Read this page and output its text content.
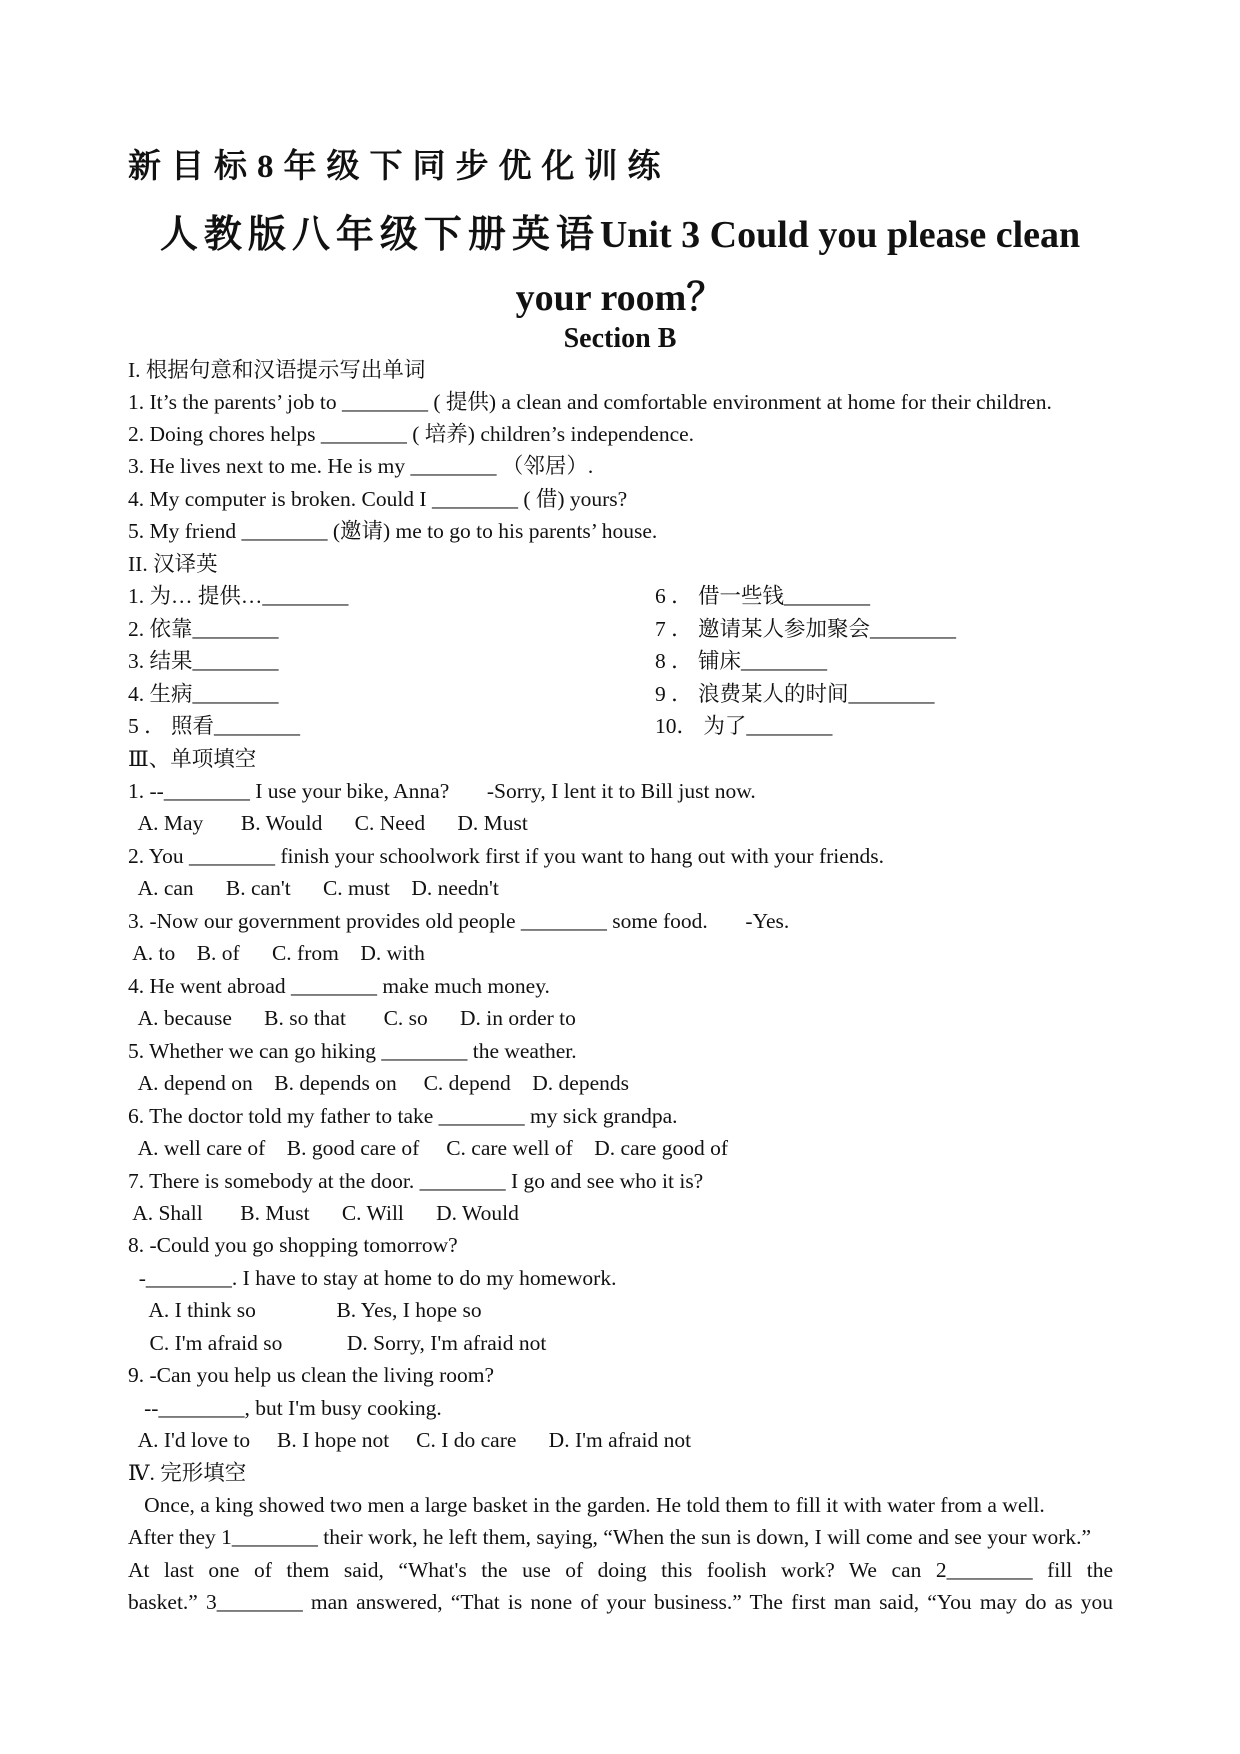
新目标8年级下同步优化训练
人教版八年级下册英语Unit 3 Could you please clean
your room？
Section B
I. 根据句意和汉语提示写出单词
1. It’s the parents’ job to ________ ( 提供) a clean and comfortable environment at home for their children.
2. Doing chores helps ________ ( 培养) children’s independence.
3. He lives next to me. He is my ________ （邻居）.
4. My computer is broken. Could I ________ ( 借) yours?
5. My friend ________ (邀请) me to go to his parents’ house.
II. 汉译英
1. 为… 提供…________
2. 依靠________
3. 结果________
4. 生病________
5 ． 照看________
6 ． 借一些钱________
7 ． 邀请某人参加聚会________
8 ． 铺床________
9 ． 浪费某人的时间________
10． 为了________
Ⅲ、单项填空
1. --________ I use your bike, Anna?       -Sorry, I lent it to Bill just now.
A. May       B. Would      C. Need      D. Must
2. You ________ finish your schoolwork first if you want to hang out with your friends.
A. can      B. can't      C. must    D. needn't
3. -Now our government provides old people ________ some food.       -Yes.
A. to    B. of      C. from    D. with
4. He went abroad ________ make much money.
A. because      B. so that       C. so      D. in order to
5. Whether we can go hiking ________ the weather.
A. depend on    B. depends on     C. depend    D. depends
6. The doctor told my father to take ________ my sick grandpa.
A. well care of    B. good care of     C. care well of    D. care good of
7. There is somebody at the door. ________ I go and see who it is?
A. Shall       B. Must      C. Will      D. Would
8. -Could you go shopping tomorrow?
-________. I have to stay at home to do my homework.
A. I think so               B. Yes, I hope so
C. I'm afraid so            D. Sorry, I'm afraid not
9. -Can you help us clean the living room?
--________, but I'm busy cooking.
A. I'd love to     B. I hope not     C. I do care      D. I'm afraid not
Ⅳ. 完形填空
Once, a king showed two men a large basket in the garden. He told them to fill it with water from a well.
After they 1________ their work, he left them, saying, “When the sun is down, I will come and see your work.”
At last one of them said, “What's the use of doing this foolish work? We can 2________ fill the
basket.” 3________ man answered, “That is none of your business.” The first man said, “You may do as you
